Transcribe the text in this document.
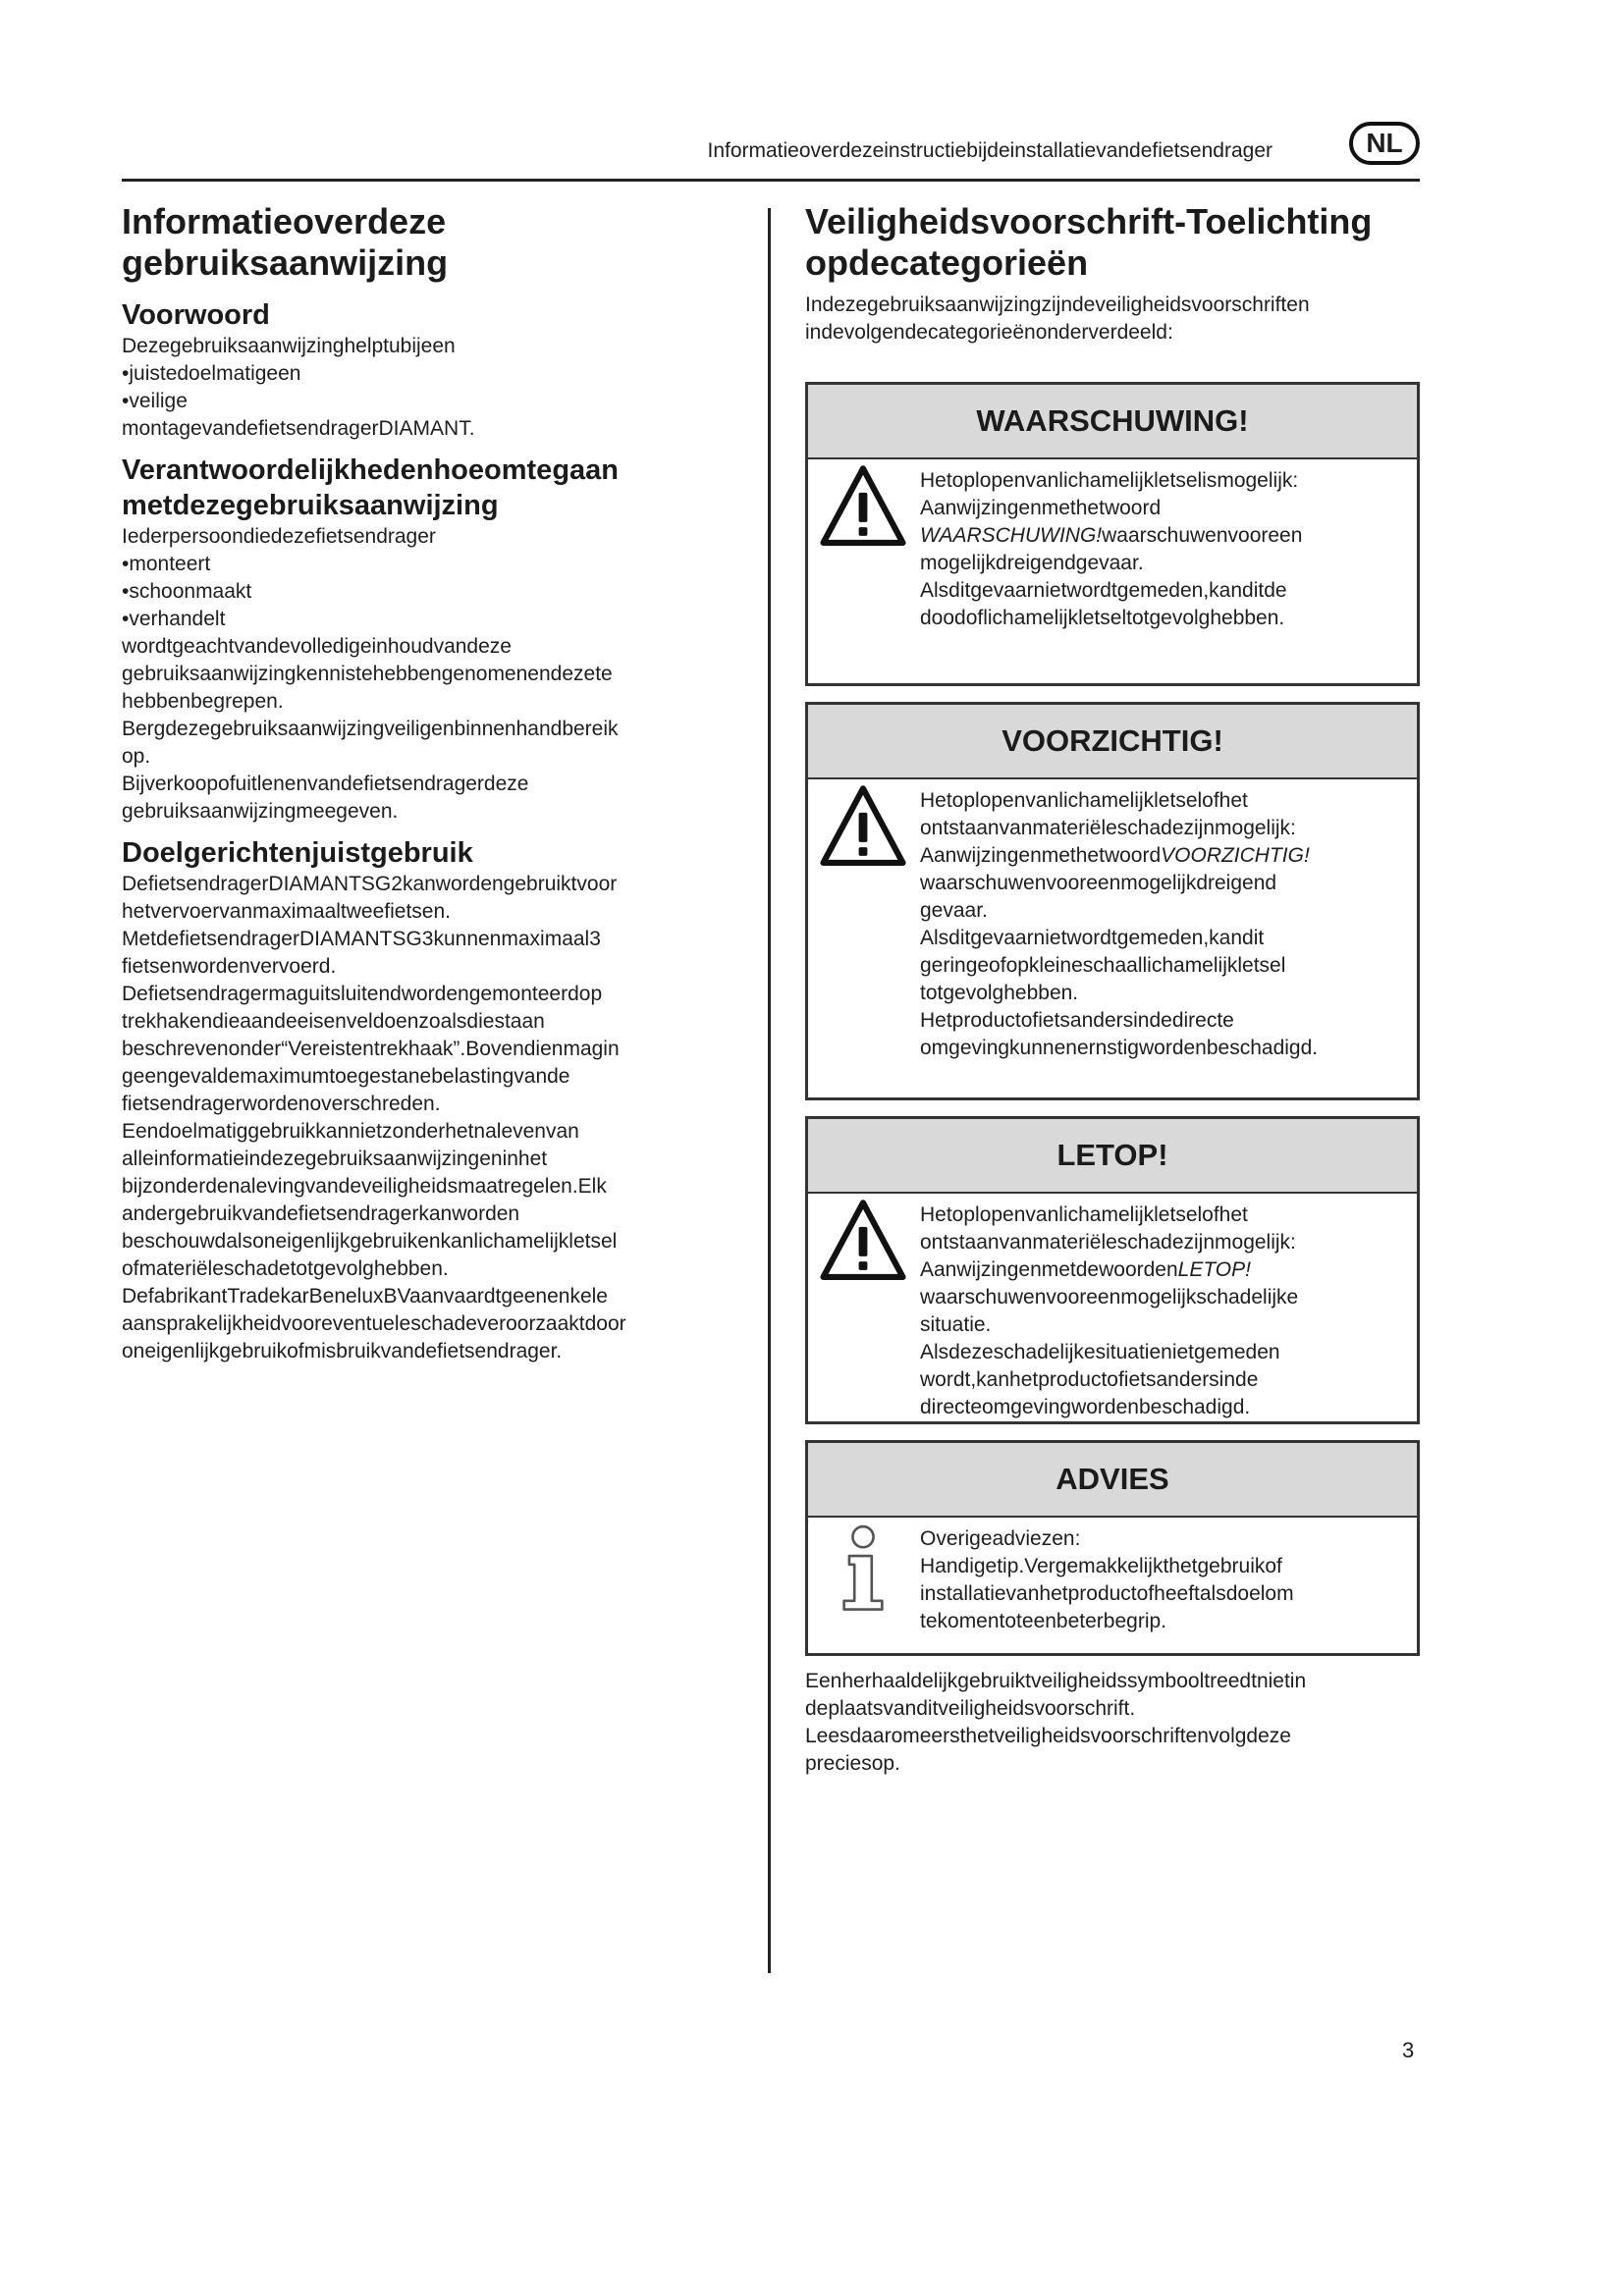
Informatieoverdezeinstructiebijdeinstallatievandefietsendrager	NL
Informatieoverdeze
gebruiksaanwijzing
Voorwoord
Dezegebruiksaanwijzinghelptubijeen
•juistedoelmatigeen
•veilige
montagevandefietsendragerDIAMANT.
Verantwoordelijkhedenhoeomtegaan
metdezegebruiksaanwijzing
Iederpersoondiedezefietsendrager
•monteert
•schoonmaakt
•verhandelt
wordtgeachtvandevolledigeinhoudvandeze
gebruiksaanwijzingkennistehebbengenomenendezete
hebbenbegrepen.
Bergdezegebruiksaanwijzingveiligenbinnenhandbereik
op.
Bijverkoopofuitlenenvandefietsendragerdeze
gebruiksaanwijzingmeegeven.
Doelgerichtenjuistgebruik
DefietsendragerDIAMANTSG2kanwordengebruiktvoor
hetvervoervanmaximaaltweefietsen.
MetdefietsendragerDIAMANTSG3kunnenmaximaal3
fietsenwordenvervoerd.
Defietsendragermaguitsluitendwordengemonteerdop
trekhakendieaandeeisenveldoenzoalsdiestaan
beschrevenonder“Vereistentrekhaak”.Bovendienmagin
geengevaldemaximumtoegestanebelastingvande
fietsendragerwordenoverschreden.
Eendoelmatiggebruikkannietzonderhetnalevenvan
alleinformatieindezegebruiksaanwijzingeninhet
bijzonderdenalevingvandeveiligheidsmaatregelen.Elk
andergebruikvandefietsendragerkanworden
beschouwdalsoneigenlijkgebruikenkanlichamelijkletsel
ofmateriëleschadetotgevolghebben.
DefabrikantTradekarBeneluxBVaanvaardtgeenenkele
aansprakelijkheidvooreventueleschadeveroorzaaktdoor
oneigenlijkgebruikofmisbruikvandefietsendrager.
Veiligheidsvoorschrift-Toelichting
opdecategorieën
Indezegebruiksaanwijzingzijndeveiligheidsvoorschriften
indevolgendecategorieënonderverdeeld:
WAARSCHUWING!
Hetoplopenvanlichamelijkletselismogelijk:
Aanwijzingenmethetwoord
WAARSCHUWING!waarschuwenvooreen
mogelijkdreigendgevaar.
Alsditgevaarnietwordtgemeden,kanditde
doodoflichamelijkletseltotgevolghebben.
VOORZICHTIG!
Hetoplopenvanlichamelijkletselofhet
ontstaanvanmateriëleschadezijnmogelijk:
AanwijzingenmethetwoordVOORZICHTIG!
waarschuwenvooreenmogelijkdreigend
gevaar.
Alsditgevaarnietwordtgemeden,kandit
geringeofopkleineschaallichamelijkletsel
totgevolghebben.
Hetproductofietsandersindedirecte
omgevingkunnenernstigwordenbeschadigd.
LETOP!
Hetoplopenvanlichamelijkletselofhet
ontstaanvanmateriëleschadezijnmogelijk:
AanwijzingenmetdewoordenLETOP!
waarschuwenvooreenmogelijkschadelijke
situatie.
Alsdezeschadelijkesituatienietgemeden
wordt,kanhetproductofietsandersinde
directeomgevingwordenbeschadigd.
ADVIES
Overigeadviezen:
Handigetip.Vergemakkelijkthetgebruikof
installatievanhetproductofheeftalsdoelom
tekomentoteenbeterbegrip.
Eenherhaaldelijkgebruiktveiligheidssymbooltreedtnietin
deplaatsvanditveiligheidsvoorschrift.
Leesdaaromeersthetveiligheidsvoorschriftenvolgdeze
preciesop.
3
